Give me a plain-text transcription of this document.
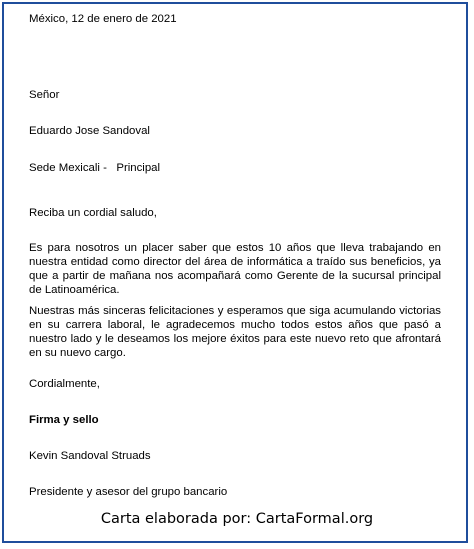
México, 12 de enero de 2021
Señor
Eduardo Jose Sandoval
Sede Mexicali -   Principal
Reciba un cordial saludo,

Es para nosotros un placer saber que estos 10 años que lleva trabajando en nuestra entidad como director del área de informática a traído sus beneficios, ya que a partir de mañana nos acompañará como Gerente de la sucursal principal de Latinoamérica.

Nuestras más sinceras felicitaciones y esperamos que siga acumulando victorias en su carrera laboral, le agradecemos mucho todos estos años que pasó a nuestro lado y le deseamos los mejore éxitos para este nuevo reto que afrontará en su nuevo cargo.

Cordialmente,
Firma y sello
Kevin Sandoval Struads
Presidente y asesor del grupo bancario
Carta elaborada por: CartaFormal.org
